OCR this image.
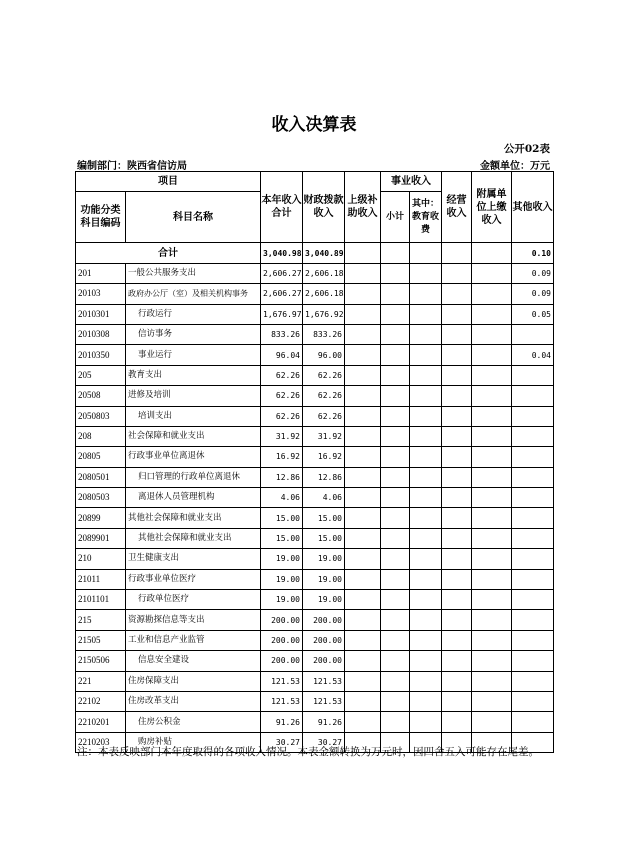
收入决算表
公开02表
编制部门：陕西省信访局	金额单位：万元
项目		本年收入合计	财政拨款收入	上级补助收入	事业收入		经营收入	附属单位上缴收入	其他收入
功能分类科目编码	科目名称				小计	其中：教育收费			

合计		3,040.98	3,040.89						0.10
201	一般公共服务支出	2,606.27	2,606.18						0.09
20103	政府办公厅（室）及相关机构事务	2,606.27	2,606.18						0.09
2010301	行政运行	1,676.97	1,676.92						0.05
2010308	信访事务	833.26	833.26						
2010350	事业运行	96.04	96.00						0.04
205	教育支出	62.26	62.26						
20508	进修及培训	62.26	62.26						
2050803	培训支出	62.26	62.26						
208	社会保障和就业支出	31.92	31.92						
20805	行政事业单位离退休	16.92	16.92						
2080501	归口管理的行政单位离退休	12.86	12.86						
2080503	离退休人员管理机构	4.06	4.06						
20899	其他社会保障和就业支出	15.00	15.00						
2089901	其他社会保障和就业支出	15.00	15.00						
210	卫生健康支出	19.00	19.00						
21011	行政事业单位医疗	19.00	19.00						
2101101	行政单位医疗	19.00	19.00						
215	资源勘探信息等支出	200.00	200.00						
21505	工业和信息产业监管	200.00	200.00						
2150506	信息安全建设	200.00	200.00						
221	住房保障支出	121.53	121.53						
22102	住房改革支出	121.53	121.53						
2210201	住房公积金	91.26	91.26						
2210203	购房补贴	30.27	30.27						
注：本表反映部门本年度取得的各项收入情况。本表金额转换为万元时，因四舍五入可能存在尾差。
